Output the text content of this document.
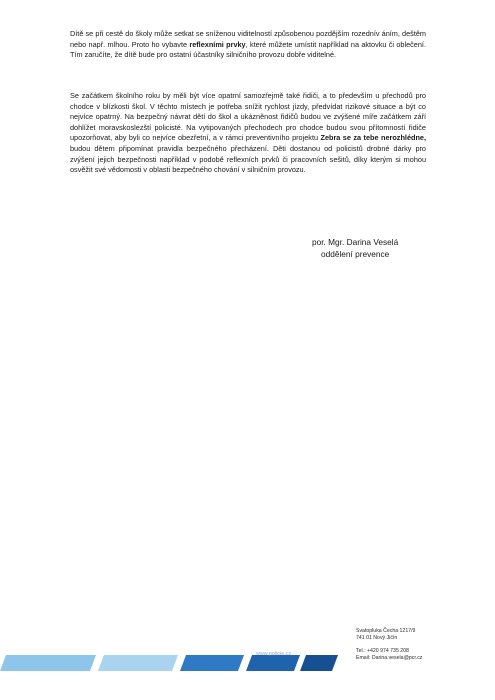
Dítě se při cestě do školy může setkat se sníženou viditelností způsobenou pozdějším rozednív áním, deštěm nebo např. mlhou. Proto ho vybavte reflexními prvky, které můžete umístit například na aktovku či oblečení. Tím zaručíte, že dítě bude pro ostatní účastníky silničního provozu dobře viditelné.

Se začátkem školního roku by měli být více opatrní samozřejmě také řidiči, a to především u přechodů pro chodce v blízkosti škol. V těchto místech je potřeba snížit rychlost jízdy, předvídat rizikové situace a být co nejvíce opatrný. Na bezpečný návrat dětí do škol a ukázněnost řidičů budou ve zvýšené míře začátkem září dohlížet moravskoslezští policisté. Na vytipovaných přechodech pro chodce budou svou přítomností řidiče upozorňovat, aby byli co nejvíce obezřetní, a v rámci preventivního projektu Zebra se za tebe nerozhlédne, budou dětem připomínat pravidla bezpečného přecházení. Děti dostanou od policistů drobné dárky pro zvýšení jejich bezpečnosti například v podobě reflexních prvků či pracovních sešitů, díky kterým si mohou osvěžit své vědomosti v oblasti bezpečného chování v silničním provozu.

por. Mgr. Darina Veselá
oddělení prevence
www.policie.cz
Svatopluka Čecha 1217/9
741 01 Nový Jičín
Tel.: +420 974 735 208
Email: Darina.vesela@pcr.cz
